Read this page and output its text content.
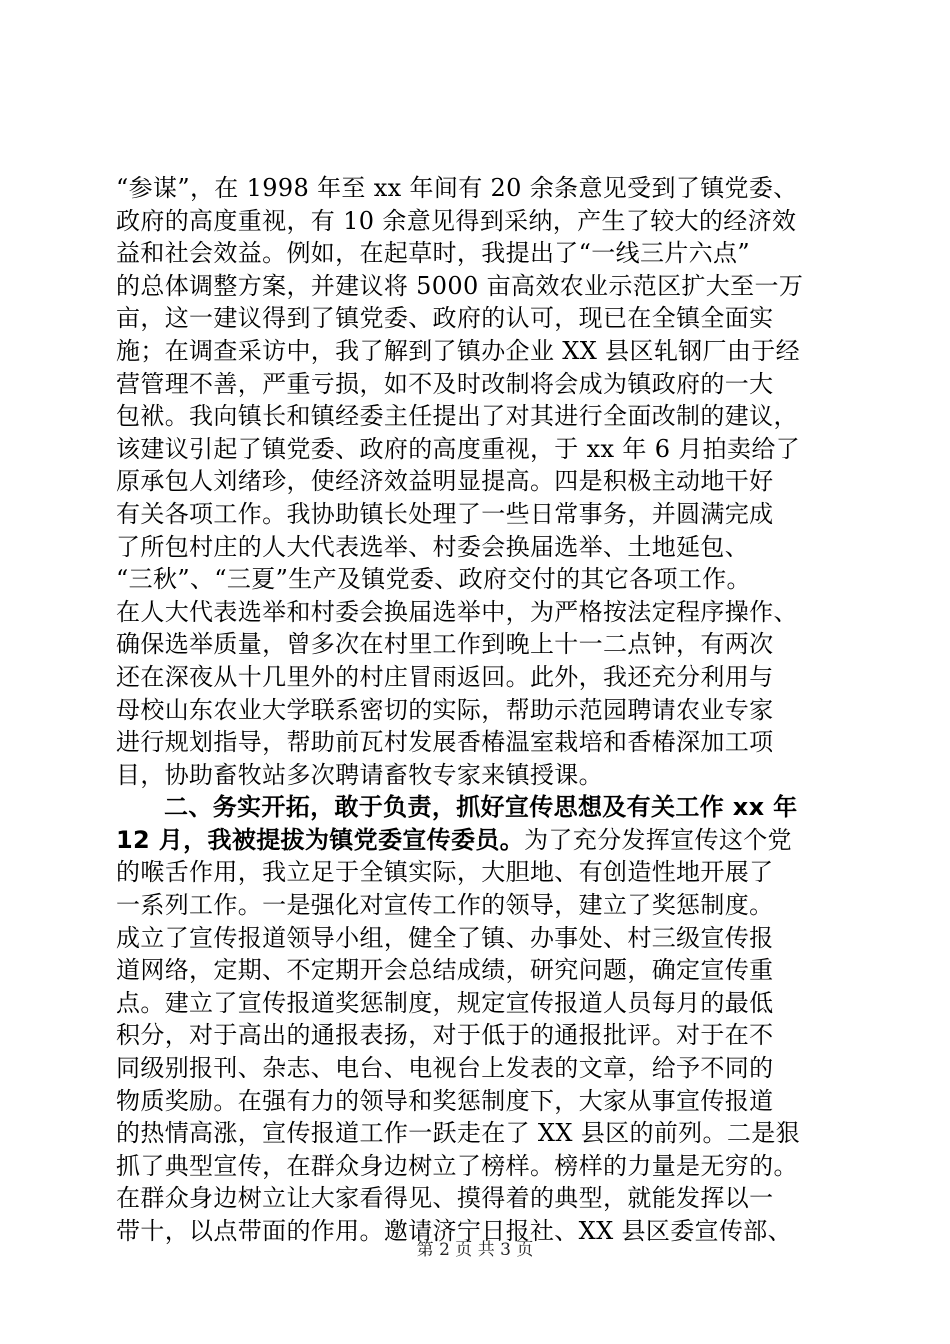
“参谋”，在 1998 年至 xx 年间有 20 余条意见受到了镇党委、
政府的高度重视，有 10 余意见得到采纳，产生了较大的经济效
益和社会效益。例如，在起草时，我提出了“一线三片六点”
的总体调整方案，并建议将 5000 亩高效农业示范区扩大至一万
亩，这一建议得到了镇党委、政府的认可，现已在全镇全面实
施；在调查采访中，我了解到了镇办企业 XX 县区轧钢厂由于经
营管理不善，严重亏损，如不及时改制将会成为镇政府的一大
包袱。我向镇长和镇经委主任提出了对其进行全面改制的建议，
该建议引起了镇党委、政府的高度重视，于 xx 年 6 月拍卖给了
原承包人刘绪珍，使经济效益明显提高。四是积极主动地干好
有关各项工作。我协助镇长处理了一些日常事务，并圆满完成
了所包村庄的人大代表选举、村委会换届选举、土地延包、
“三秋”、“三夏”生产及镇党委、政府交付的其它各项工作。
在人大代表选举和村委会换届选举中，为严格按法定程序操作、
确保选举质量，曾多次在村里工作到晚上十一二点钟，有两次
还在深夜从十几里外的村庄冒雨返回。此外，我还充分利用与
母校山东农业大学联系密切的实际，帮助示范园聘请农业专家
进行规划指导，帮助前瓦村发展香椿温室栽培和香椿深加工项
目，协助畜牧站多次聘请畜牧专家来镇授课。
二、务实开拓，敢于负责，抓好宣传思想及有关工作 xx 年
12 月，我被提拔为镇党委宣传委员。为了充分发挥宣传这个党
的喉舌作用，我立足于全镇实际，大胆地、有创造性地开展了
一系列工作。一是强化对宣传工作的领导，建立了奖惩制度。
成立了宣传报道领导小组，健全了镇、办事处、村三级宣传报
道网络，定期、不定期开会总结成绩，研究问题，确定宣传重
点。建立了宣传报道奖惩制度，规定宣传报道人员每月的最低
积分，对于高出的通报表扬，对于低于的通报批评。对于在不
同级别报刊、杂志、电台、电视台上发表的文章，给予不同的
物质奖励。在强有力的领导和奖惩制度下，大家从事宣传报道
的热情高涨，宣传报道工作一跃走在了 XX 县区的前列。二是狠
抓了典型宣传，在群众身边树立了榜样。榜样的力量是无穷的。
在群众身边树立让大家看得见、摸得着的典型，就能发挥以一
带十，以点带面的作用。邀请济宁日报社、XX 县区委宣传部、
第 2 页 共 3 页
